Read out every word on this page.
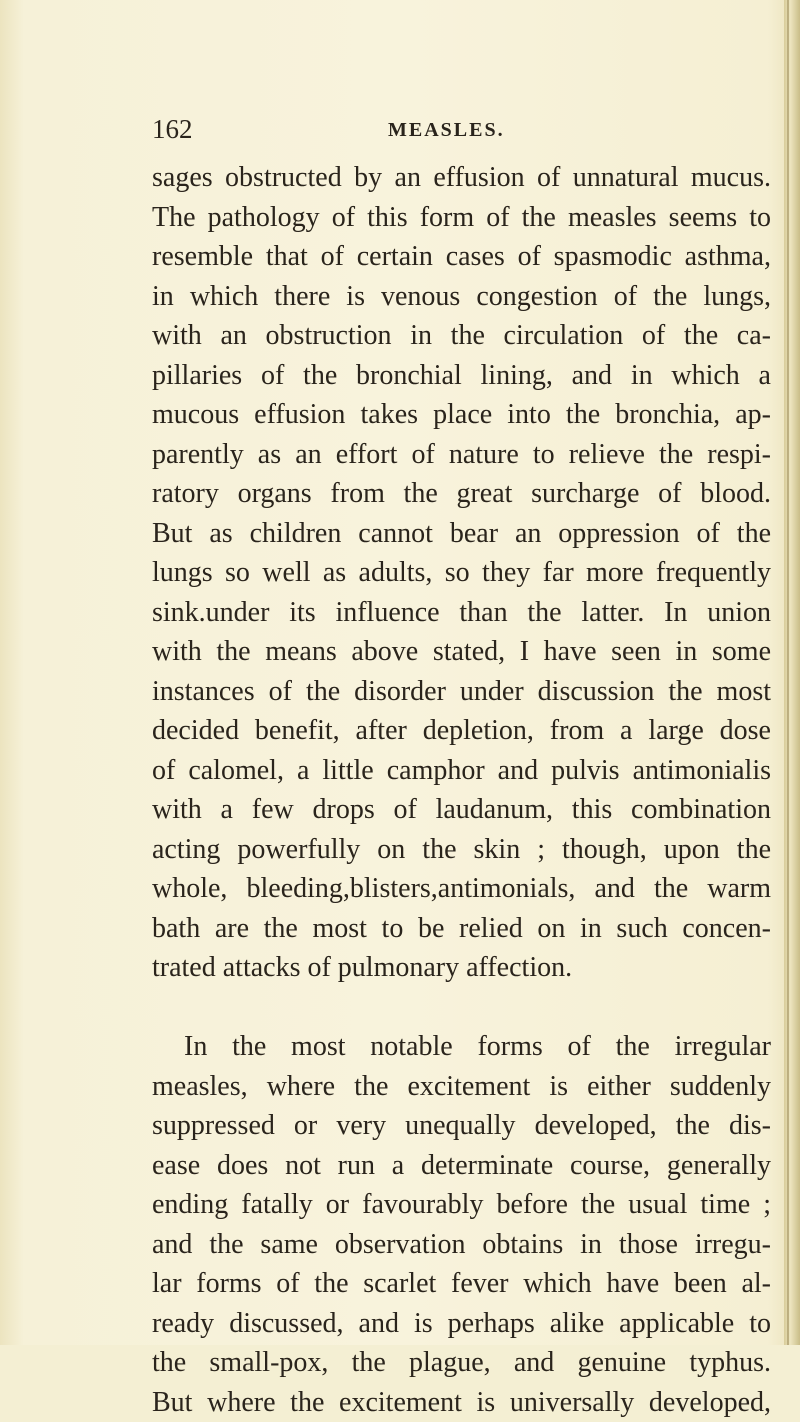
162	MEASLES.
sages obstructed by an effusion of unnatural mucus.
The pathology of this form of the measles seems to
resemble that of certain cases of spasmodic asthma,
in which there is venous congestion of the lungs,
with an obstruction in the circulation of the ca-
pillaries of the bronchial lining, and in which a
mucous effusion takes place into the bronchia, ap-
parently as an effort of nature to relieve the respi-
ratory organs from the great surcharge of blood.
But as children cannot bear an oppression of the
lungs so well as adults, so they far more frequently
sink.under its influence than the latter. In union
with the means above stated, I have seen in some
instances of the disorder under discussion the most
decided benefit, after depletion, from a large dose
of calomel, a little camphor and pulvis antimonialis
with a few drops of laudanum, this combination
acting powerfully on the skin ; though, upon the
whole, bleeding,blisters,antimonials, and the warm
bath are the most to be relied on in such concen-
trated attacks of pulmonary affection.
In the most notable forms of the irregular
measles, where the excitement is either suddenly
suppressed or very unequally developed, the dis-
ease does not run a determinate course, generally
ending fatally or favourably before the usual time ;
and the same observation obtains in those irregu-
lar forms of the scarlet fever which have been al-
ready discussed, and is perhaps alike applicable to
the small-pox, the plague, and genuine typhus.
But where the excitement is universally developed,
